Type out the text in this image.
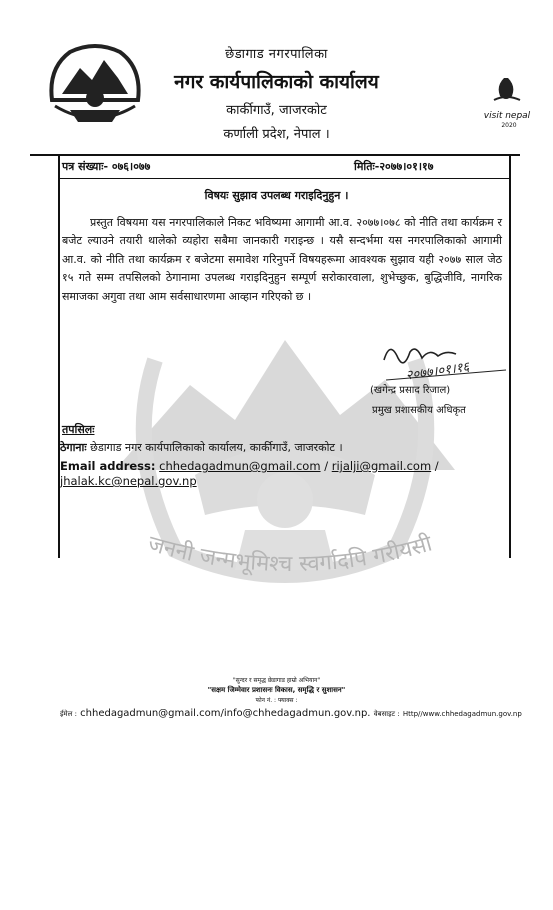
छेडागाड नगरपालिका
नगर कार्यपालिकाको कार्यालय
कार्कीगाउँ, जाजरकोट
कर्णाली प्रदेश, नेपाल ।
visit nepal
2020
पत्र संख्याः- ०७६।०७७	मितिः-२०७७।०१।१७
विषयः सुझाव उपलब्ध गराइदिनुहुन ।
प्रस्तुत विषयमा यस नगरपालिकाले निकट भविष्यमा आगामी आ.व. २०७७।०७८ को नीति तथा कार्यक्रम र बजेट ल्याउने तयारी थालेको व्यहोरा सबैमा जानकारी गराइन्छ । यसै सन्दर्भमा यस नगरपालिकाको आगामी आ.व. को नीति तथा कार्यक्रम र बजेटमा समावेश गरिनुपर्ने विषयहरूमा आवश्यक सुझाव यही २०७७ साल जेठ १५ गते सम्म तपसिलको ठेगानामा उपलब्ध गराइदिनुहुन सम्पूर्ण सरोकारवाला, शुभेच्छुक, बुद्धिजीवि, नागरिक समाजका अगुवा तथा आम सर्वसाधारणमा आव्हान गरिएको छ ।
२०७७।०१।१६
(खगेन्द्र प्रसाद रिजाल)
प्रमुख प्रशासकीय अधिकृत
तपसिलः
ठेगानाः छेडागाड नगर कार्यपालिकाको कार्यालय, कार्कीगाउँ, जाजरकोट ।
Email address: chhedagadmun@gmail.com / rijalji@gmail.com /
jhalak.kc@nepal.gov.np
जननी जन्मभूमिश्च स्वर्गादपि गरीयसी
"सुन्दर र समृद्ध छेडागाड हाम्रो अभियान"
"सक्षम जिम्मेवार प्रशासनः विकास, समृद्धि र सुशासन"
फोन नं. : फ्याक्स :
ईमेल : chhedagadmun@gmail.com/info@chhedagadmun.gov.np. वेबसाइट : Http//www.chhedagadmun.gov.np
